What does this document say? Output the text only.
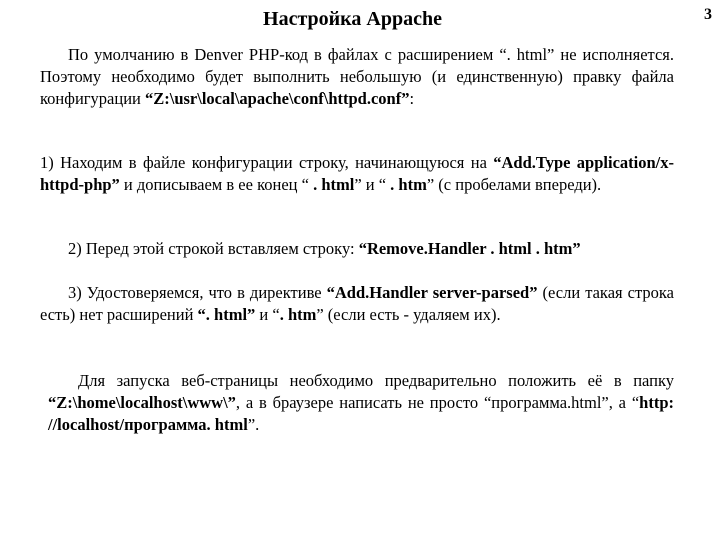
3
Настройка Appache
По умолчанию в Denver PHP-код в файлах с расширением “. html” не исполняется. Поэтому необходимо будет выполнить небольшую (и единственную) правку файла конфигурации “Z:\usr\local\apache\conf\httpd.conf”:
1) Находим в файле конфигурации строку, начинающуюся на “Add.Type application/x-httpd-php” и дописываем в ее конец “ . html” и “ . htm” (с пробелами впереди).
2) Перед этой строкой вставляем строку: “Remove.Handler . html . htm”
3) Удостоверяемся, что в директиве “Add.Handler server-parsed” (если такая строка есть) нет расширений “. html” и “. htm” (если есть - удаляем их).
Для запуска веб-страницы необходимо предварительно положить её в папку “Z:\home\localhost\www\”, а в браузере написать не просто “программа.html”, а “http: //localhost/программа. html”.
